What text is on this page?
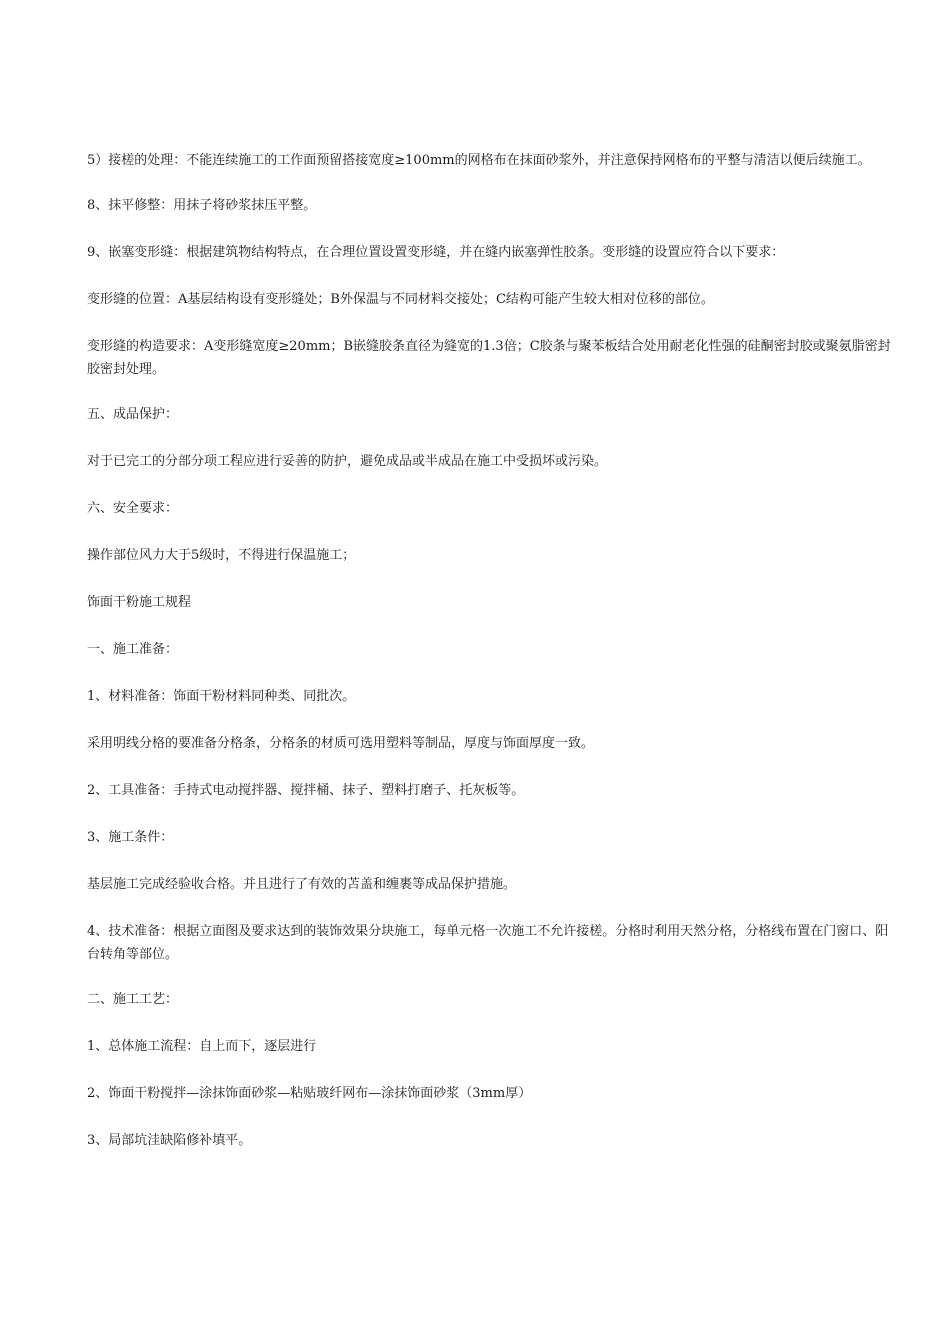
5）接槎的处理：不能连续施工的工作面预留搭接宽度≥100mm的网格布在抹面砂浆外，并注意保持网格布的平整与清洁以便后续施工。

8、抹平修整：用抹子将砂浆抹压平整。

9、嵌塞变形缝：根据建筑物结构特点，在合理位置设置变形缝，并在缝内嵌塞弹性胶条。变形缝的设置应符合以下要求：

变形缝的位置：A基层结构设有变形缝处；B外保温与不同材料交接处；C结构可能产生较大相对位移的部位。

变形缝的构造要求：A变形缝宽度≥20mm；B嵌缝胶条直径为缝宽的1.3倍；C胶条与聚苯板结合处用耐老化性强的硅酮密封胶或聚氨脂密封胶密封处理。

五、成品保护：

对于已完工的分部分项工程应进行妥善的防护，避免成品或半成品在施工中受损坏或污染。

六、安全要求：

操作部位风力大于5级时，不得进行保温施工；

饰面干粉施工规程

一、施工准备：

1、材料准备：饰面干粉材料同种类、同批次。

采用明线分格的要准备分格条，分格条的材质可选用塑料等制品，厚度与饰面厚度一致。

2、工具准备：手持式电动搅拌器、搅拌桶、抹子、塑料打磨子、托灰板等。

3、施工条件：

基层施工完成经验收合格。并且进行了有效的苫盖和缠裹等成品保护措施。

4、技术准备：根据立面图及要求达到的装饰效果分块施工，每单元格一次施工不允许接槎。分格时利用天然分格，分格线布置在门窗口、阳台转角等部位。

二、施工工艺：

1、总体施工流程：自上而下，逐层进行

2、饰面干粉搅拌—涂抹饰面砂浆—粘贴玻纤网布—涂抹饰面砂浆（3mm厚）

3、局部坑洼缺陷修补填平。
